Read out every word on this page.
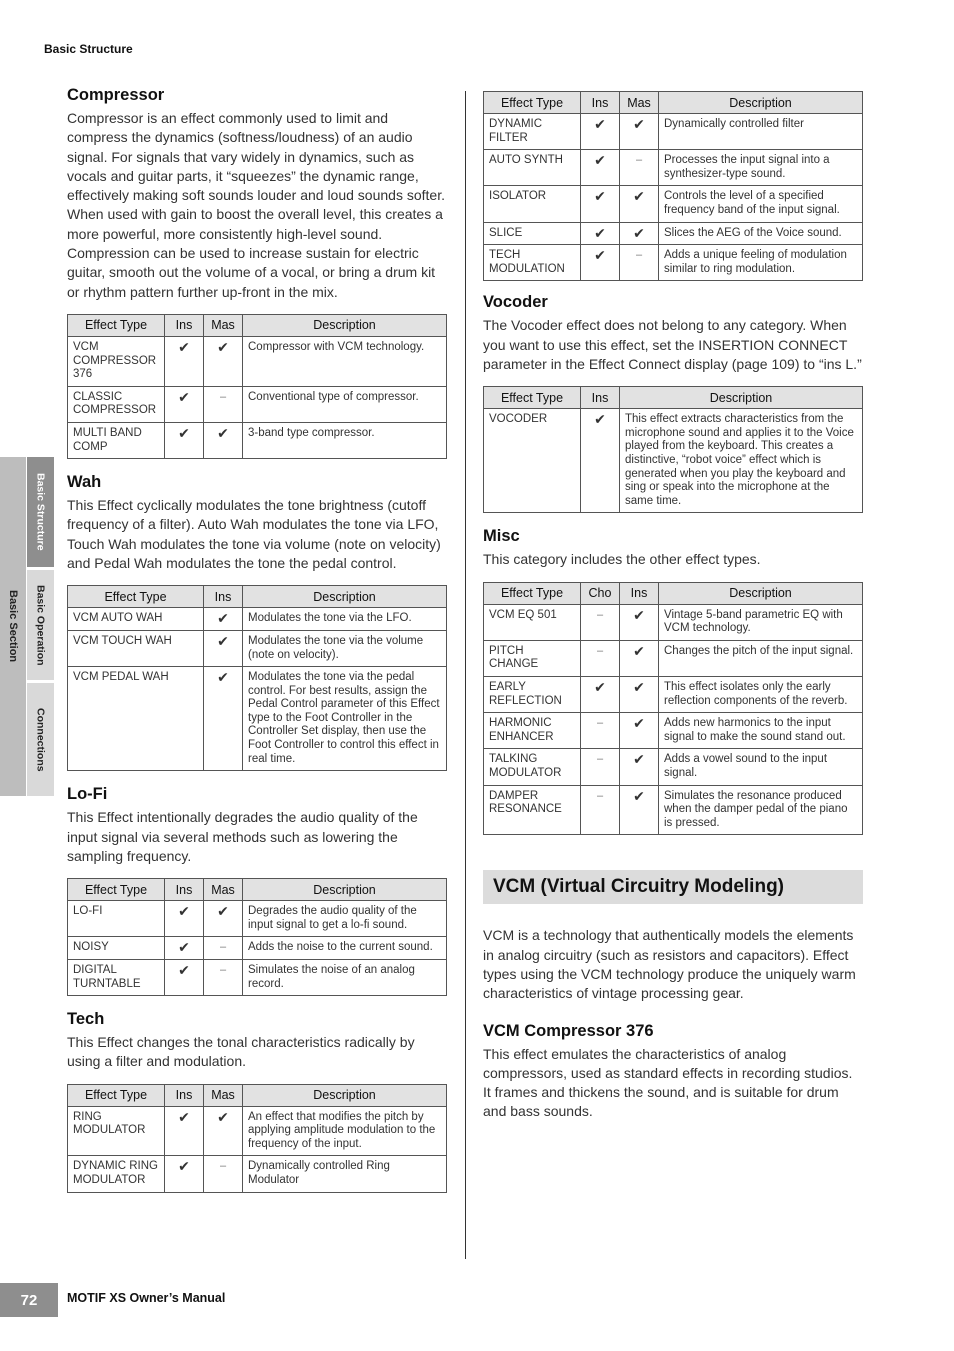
Basic Structure
Basic Section
Basic Structure
Basic Operation
Connections
Compressor

Compressor is an effect commonly used to limit and compress the dynamics (softness/loudness) of an audio signal. For signals that vary widely in dynamics, such as vocals and guitar parts, it “squeezes” the dynamic range, effectively making soft sounds louder and loud sounds softer. When used with gain to boost the overall level, this creates a more powerful, more consistently high-level sound. Compression can be used to increase sustain for electric guitar, smooth out the volume of a vocal, or bring a drum kit or rhythm pattern further up-front in the mix.

Effect Type	Ins	Mas	Description
VCM COMPRESSOR 376	✔	✔	Compressor with VCM technology.
CLASSIC COMPRESSOR	✔	–	Conventional type of compressor.
MULTI BAND COMP	✔	✔	3-band type compressor.
Wah

This Effect cyclically modulates the tone brightness (cutoff frequency of a filter). Auto Wah modulates the tone via LFO, Touch Wah modulates the tone via volume (note on velocity) and Pedal Wah modulates the tone the pedal control.

Effect Type	Ins	Description
VCM AUTO WAH	✔	Modulates the tone via the LFO.
VCM TOUCH WAH	✔	Modulates the tone via the volume (note on velocity).
VCM PEDAL WAH	✔	Modulates the tone via the pedal control. For best results, assign the Pedal Control parameter of this Effect type to the Foot Controller in the Controller Set display, then use the Foot Controller to control this effect in real time.
Lo-Fi

This Effect intentionally degrades the audio quality of the input signal via several methods such as lowering the sampling frequency.

Effect Type	Ins	Mas	Description
LO-FI	✔	✔	Degrades the audio quality of the input signal to get a lo-fi sound.
NOISY	✔	–	Adds the noise to the current sound.
DIGITAL TURNTABLE	✔	–	Simulates the noise of an analog record.
Tech

This Effect changes the tonal characteristics radically by using a filter and modulation.

Effect Type	Ins	Mas	Description
RING MODULATOR	✔	✔	An effect that modifies the pitch by applying amplitude modulation to the frequency of the input.
DYNAMIC RING MODULATOR	✔	–	Dynamically controlled Ring Modulator
Effect Type	Ins	Mas	Description
DYNAMIC FILTER	✔	✔	Dynamically controlled filter
AUTO SYNTH	✔	–	Processes the input signal into a synthesizer-type sound.
ISOLATOR	✔	✔	Controls the level of a specified frequency band of the input signal.
SLICE	✔	✔	Slices the AEG of the Voice sound.
TECH MODULATION	✔	–	Adds a unique feeling of modulation similar to ring modulation.
Vocoder

The Vocoder effect does not belong to any category. When you want to use this effect, set the INSERTION CONNECT parameter in the Effect Connect display (page 109) to “ins L.”

Effect Type	Ins	Description
VOCODER	✔	This effect extracts characteristics from the microphone sound and applies it to the Voice played from the keyboard. This creates a distinctive, “robot voice” effect which is generated when you play the keyboard and sing or speak into the microphone at the same time.
Misc

This category includes the other effect types.

Effect Type	Cho	Ins	Description
VCM EQ 501	–	✔	Vintage 5-band parametric EQ with VCM technology.
PITCH CHANGE	–	✔	Changes the pitch of the input signal.
EARLY REFLECTION	✔	✔	This effect isolates only the early reflection components of the reverb.
HARMONIC ENHANCER	–	✔	Adds new harmonics to the input signal to make the sound stand out.
TALKING MODULATOR	–	✔	Adds a vowel sound to the input signal.
DAMPER RESONANCE	–	✔	Simulates the resonance produced when the damper pedal of the piano is pressed.
VCM (Virtual Circuitry Modeling)

VCM is a technology that authentically models the elements in analog circuitry (such as resistors and capacitors). Effect types using the VCM technology produce the uniquely warm characteristics of vintage processing gear.

VCM Compressor 376

This effect emulates the characteristics of analog compressors, used as standard effects in recording studios. It frames and thickens the sound, and is suitable for drum and bass sounds.

72	MOTIF XS Owner’s Manual
